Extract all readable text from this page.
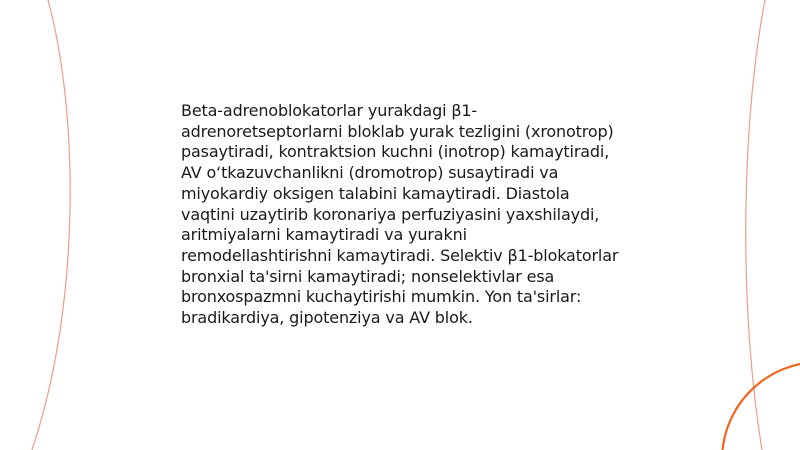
Beta-adrenoblokatorlar yurakdagi β1-adrenoretseptorlarni bloklab yurak tezligini (xronotrop) pasaytiradi, kontraktsion kuchni (inotrop) kamaytiradi, AV o‘tkazuvchanlikni (dromotrop) susaytiradi va miyokardiy oksigen talabini kamaytiradi. Diastola vaqtini uzaytirib koronariya perfuziyasini yaxshilaydi, aritmiyalarni kamaytiradi va yurakni remodellashtirishni kamaytiradi. Selektiv β1-blokatorlar bronxial ta'sirni kamaytiradi; nonselektivlar esa bronxospazmni kuchaytirishi mumkin. Yon ta'sirlar: bradikardiya, gipotenziya va AV blok.
